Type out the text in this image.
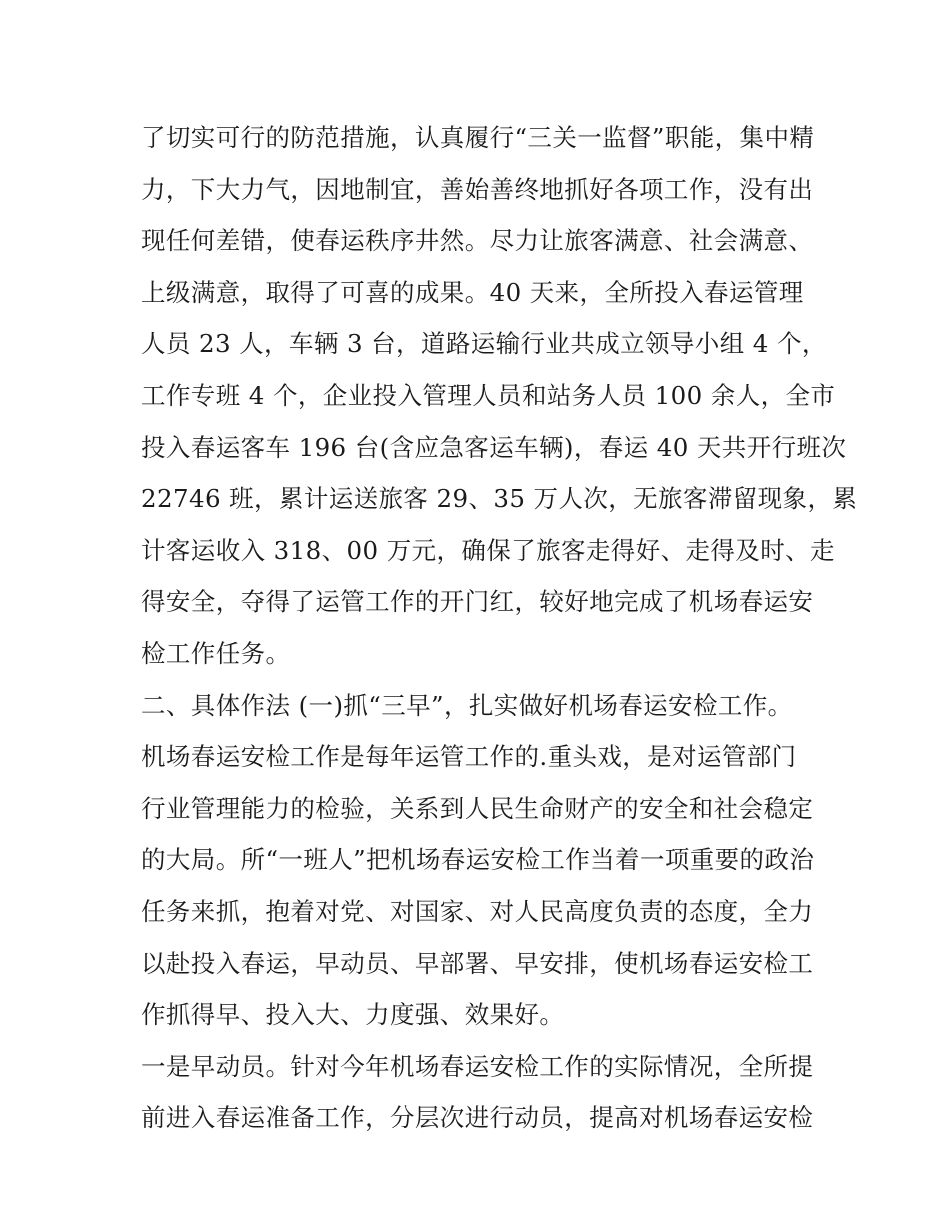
了切实可行的防范措施，认真履行“三关一监督”职能，集中精
力，下大力气，因地制宜，善始善终地抓好各项工作，没有出
现任何差错，使春运秩序井然。尽力让旅客满意、社会满意、
上级满意，取得了可喜的成果。40 天来，全所投入春运管理
人员 23 人，车辆 3 台，道路运输行业共成立领导小组 4 个，
工作专班 4 个，企业投入管理人员和站务人员 100 余人，全市
投入春运客车 196 台(含应急客运车辆)，春运 40 天共开行班次
22746 班，累计运送旅客 29、35 万人次，无旅客滞留现象，累
计客运收入 318、00 万元，确保了旅客走得好、走得及时、走
得安全，夺得了运管工作的开门红，较好地完成了机场春运安
检工作任务。
二、具体作法 (一)抓“三早”，扎实做好机场春运安检工作。
机场春运安检工作是每年运管工作的.重头戏，是对运管部门
行业管理能力的检验，关系到人民生命财产的安全和社会稳定
的大局。所“一班人”把机场春运安检工作当着一项重要的政治
任务来抓，抱着对党、对国家、对人民高度负责的态度，全力
以赴投入春运，早动员、早部署、早安排，使机场春运安检工
作抓得早、投入大、力度强、效果好。
一是早动员。针对今年机场春运安检工作的实际情况，全所提
前进入春运准备工作，分层次进行动员，提高对机场春运安检
